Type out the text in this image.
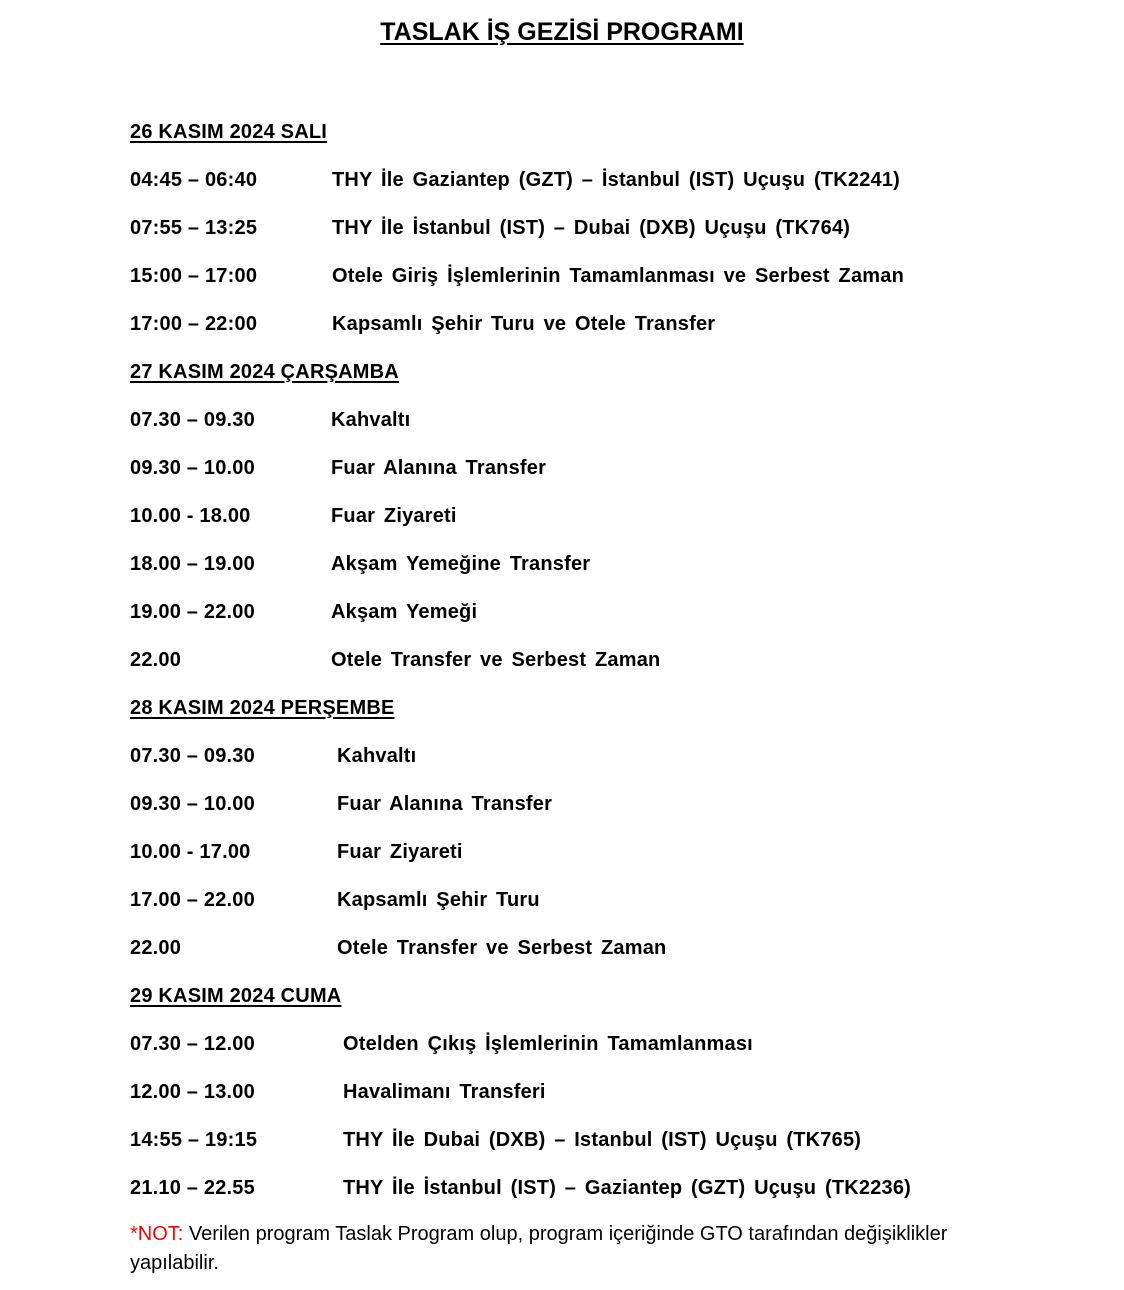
TASLAK İŞ GEZİSİ PROGRAMI
26 KASIM 2024 SALI
04:45 – 06:40	THY İle Gaziantep (GZT) – İstanbul (IST) Uçuşu (TK2241)
07:55 – 13:25	THY İle İstanbul (IST) – Dubai (DXB) Uçuşu (TK764)
15:00 – 17:00	Otele Giriş İşlemlerinin Tamamlanması ve Serbest Zaman
17:00 – 22:00	Kapsamlı Şehir Turu ve Otele Transfer
27 KASIM 2024 ÇARŞAMBA
07.30 – 09.30	Kahvaltı
09.30 – 10.00	Fuar Alanına Transfer
10.00 - 18.00	Fuar Ziyareti
18.00 – 19.00	Akşam Yemeğine Transfer
19.00 – 22.00	Akşam Yemeği
22.00	Otele Transfer ve Serbest Zaman
28 KASIM 2024 PERŞEMBE
07.30 – 09.30	Kahvaltı
09.30 – 10.00	Fuar Alanına Transfer
10.00 - 17.00	Fuar Ziyareti
17.00 – 22.00	Kapsamlı Şehir Turu
22.00	Otele Transfer ve Serbest Zaman
29 KASIM 2024 CUMA
07.30 – 12.00	Otelden Çıkış İşlemlerinin Tamamlanması
12.00 – 13.00	Havalimanı Transferi
14:55 – 19:15	THY İle Dubai (DXB) – Istanbul (IST) Uçuşu (TK765)
21.10 – 22.55	THY İle İstanbul (IST) – Gaziantep (GZT) Uçuşu (TK2236)
*NOT: Verilen program Taslak Program olup, program içeriğinde GTO tarafından değişiklikler yapılabilir.
